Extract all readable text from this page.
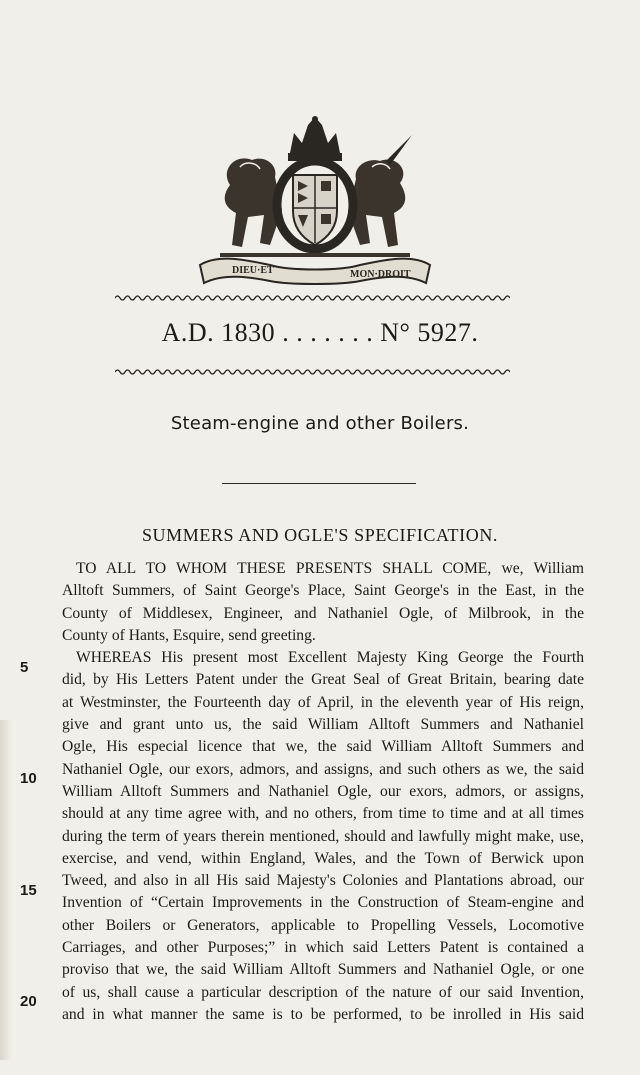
DIEU·ET	MON·DROIT
A.D. 1830 . . . . . . . N° 5927.
Steam-engine and other Boilers.
SUMMERS AND OGLE'S SPECIFICATION.
5
10
15
20
TO ALL TO WHOM THESE PRESENTS SHALL COME, we, William
Alltoft Summers, of Saint George's Place, Saint George's in the East, in the
County of Middlesex, Engineer, and Nathaniel Ogle, of Milbrook, in the
County of Hants, Esquire, send greeting.
WHEREAS His present most Excellent Majesty King George the Fourth
did, by His Letters Patent under the Great Seal of Great Britain, bearing date
at Westminster, the Fourteenth day of April, in the eleventh year of His reign,
give and grant unto us, the said William Alltoft Summers and Nathaniel
Ogle, His especial licence that we, the said William Alltoft Summers and
Nathaniel Ogle, our exors, admors, and assigns, and such others as we, the said
William Alltoft Summers and Nathaniel Ogle, our exors, admors, or assigns,
should at any time agree with, and no others, from time to time and at all times
during the term of years therein mentioned, should and lawfully might make, use,
exercise, and vend, within England, Wales, and the Town of Berwick upon
Tweed, and also in all His said Majesty's Colonies and Plantations abroad, our
Invention of “Certain Improvements in the Construction of Steam-engine and
other Boilers or Generators, applicable to Propelling Vessels, Locomotive
Carriages, and other Purposes;” in which said Letters Patent is contained a
proviso that we, the said William Alltoft Summers and Nathaniel Ogle, or one
of us, shall cause a particular description of the nature of our said Invention,
and in what manner the same is to be performed, to be inrolled in His said
